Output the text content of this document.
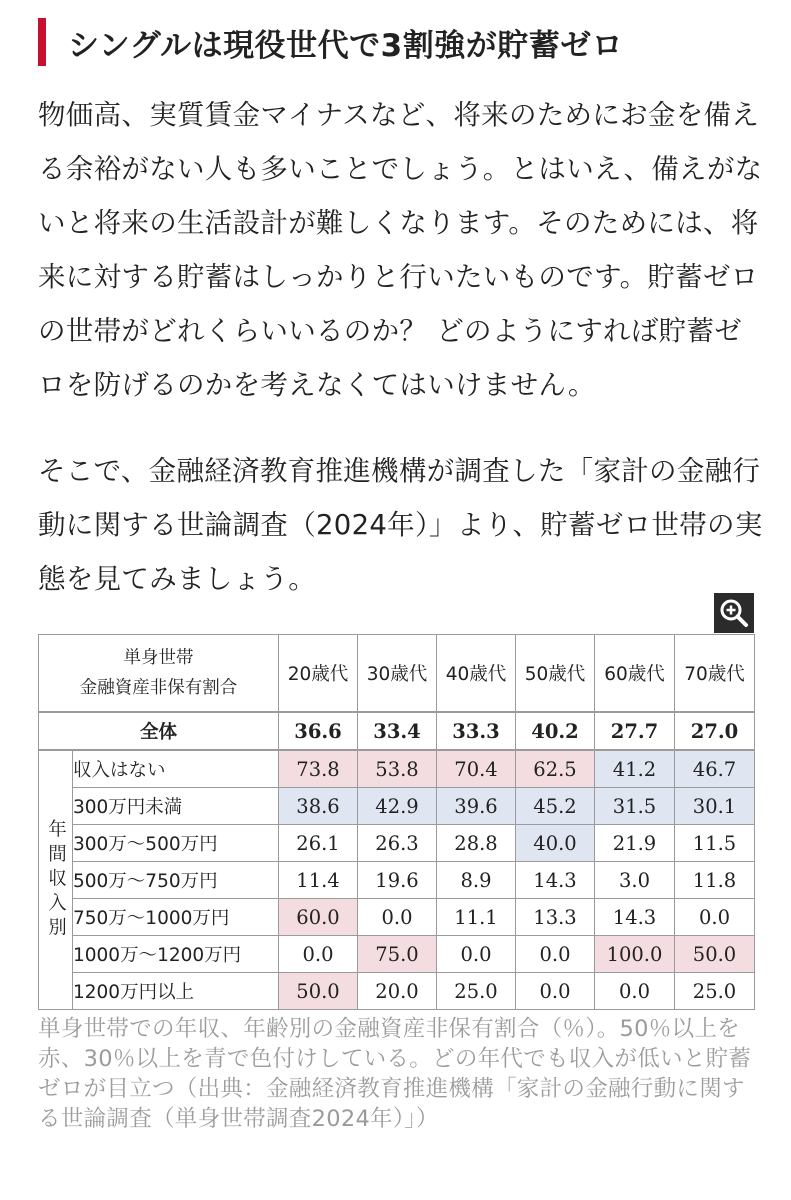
シングルは現役世代で3割強が貯蓄ゼロ

物価高、実質賃金マイナスなど、将来のためにお金を備える余裕がない人も多いことでしょう。とはいえ、備えがないと将来の生活設計が難しくなります。そのためには、将来に対する貯蓄はしっかりと行いたいものです。貯蓄ゼロの世帯がどれくらいいるのか？ どのようにすれば貯蓄ゼロを防げるのかを考えなくてはいけません。

そこで、金融経済教育推進機構が調査した「家計の金融行動に関する世論調査（2024年）」より、貯蓄ゼロ世帯の実態を見てみましょう。

単身世帯
金融資産非保有割合		20歳代	30歳代	40歳代	50歳代	60歳代	70歳代
全体		36.6	33.4	33.3	40.2	27.7	27.0
年間収入別	収入はない	73.8	53.8	70.4	62.5	41.2	46.7
	300万円未満	38.6	42.9	39.6	45.2	31.5	30.1
	300万～500万円	26.1	26.3	28.8	40.0	21.9	11.5
	500万～750万円	11.4	19.6	8.9	14.3	3.0	11.8
	750万～1000万円	60.0	0.0	11.1	13.3	14.3	0.0
	1000万～1200万円	0.0	75.0	0.0	0.0	100.0	50.0
	1200万円以上	50.0	20.0	25.0	0.0	0.0	25.0

単身世帯での年収、年齢別の金融資産非保有割合（％）。50％以上を赤、30％以上を青で色付けしている。どの年代でも収入が低いと貯蓄ゼロが目立つ（出典：金融経済教育推進機構「家計の金融行動に関する世論調査（単身世帯調査2024年）」）
